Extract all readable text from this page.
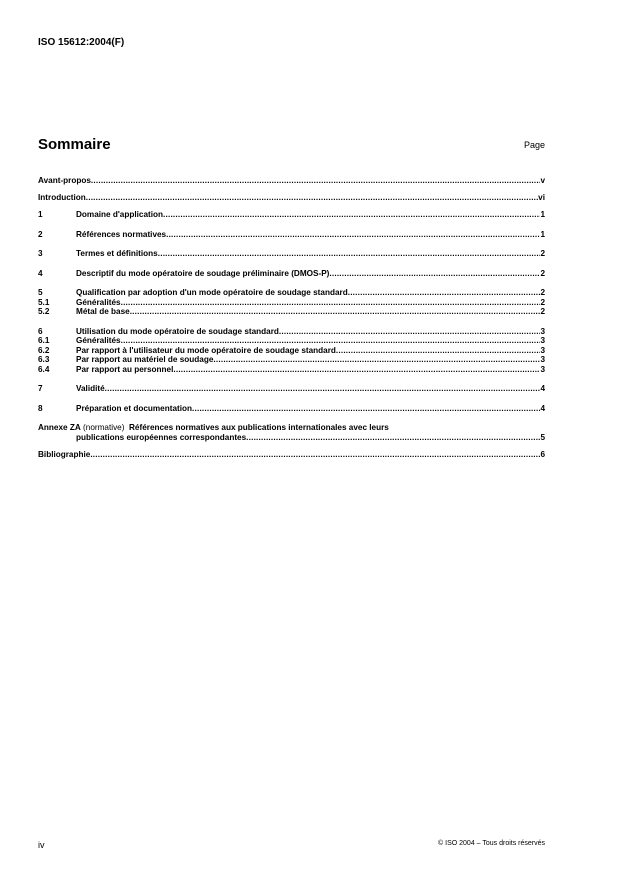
ISO 15612:2004(F)
Sommaire	Page
Avant-propos .....	v
Introduction .....	vi
1	Domaine d'application .....	1
2	Références normatives .....	1
3	Termes et définitions .....	2
4	Descriptif du mode opératoire de soudage préliminaire (DMOS-P) .....	2
5	Qualification par adoption d'un mode opératoire de soudage standard .....	2
5.1	Généralités .....	2
5.2	Métal de base .....	2
6	Utilisation du mode opératoire de soudage standard .....	3
6.1	Généralités .....	3
6.2	Par rapport à l'utilisateur du mode opératoire de soudage standard .....	3
6.3	Par rapport au matériel de soudage .....	3
6.4	Par rapport au personnel .....	3
7	Validité .....	4
8	Préparation et documentation .....	4
Annexe ZA
(normative)
Références normatives aux publications internationales avec leurs
publications européennes correspondantes .....	5
Bibliographie .....	6
iv	© ISO 2004 – Tous droits réservés
